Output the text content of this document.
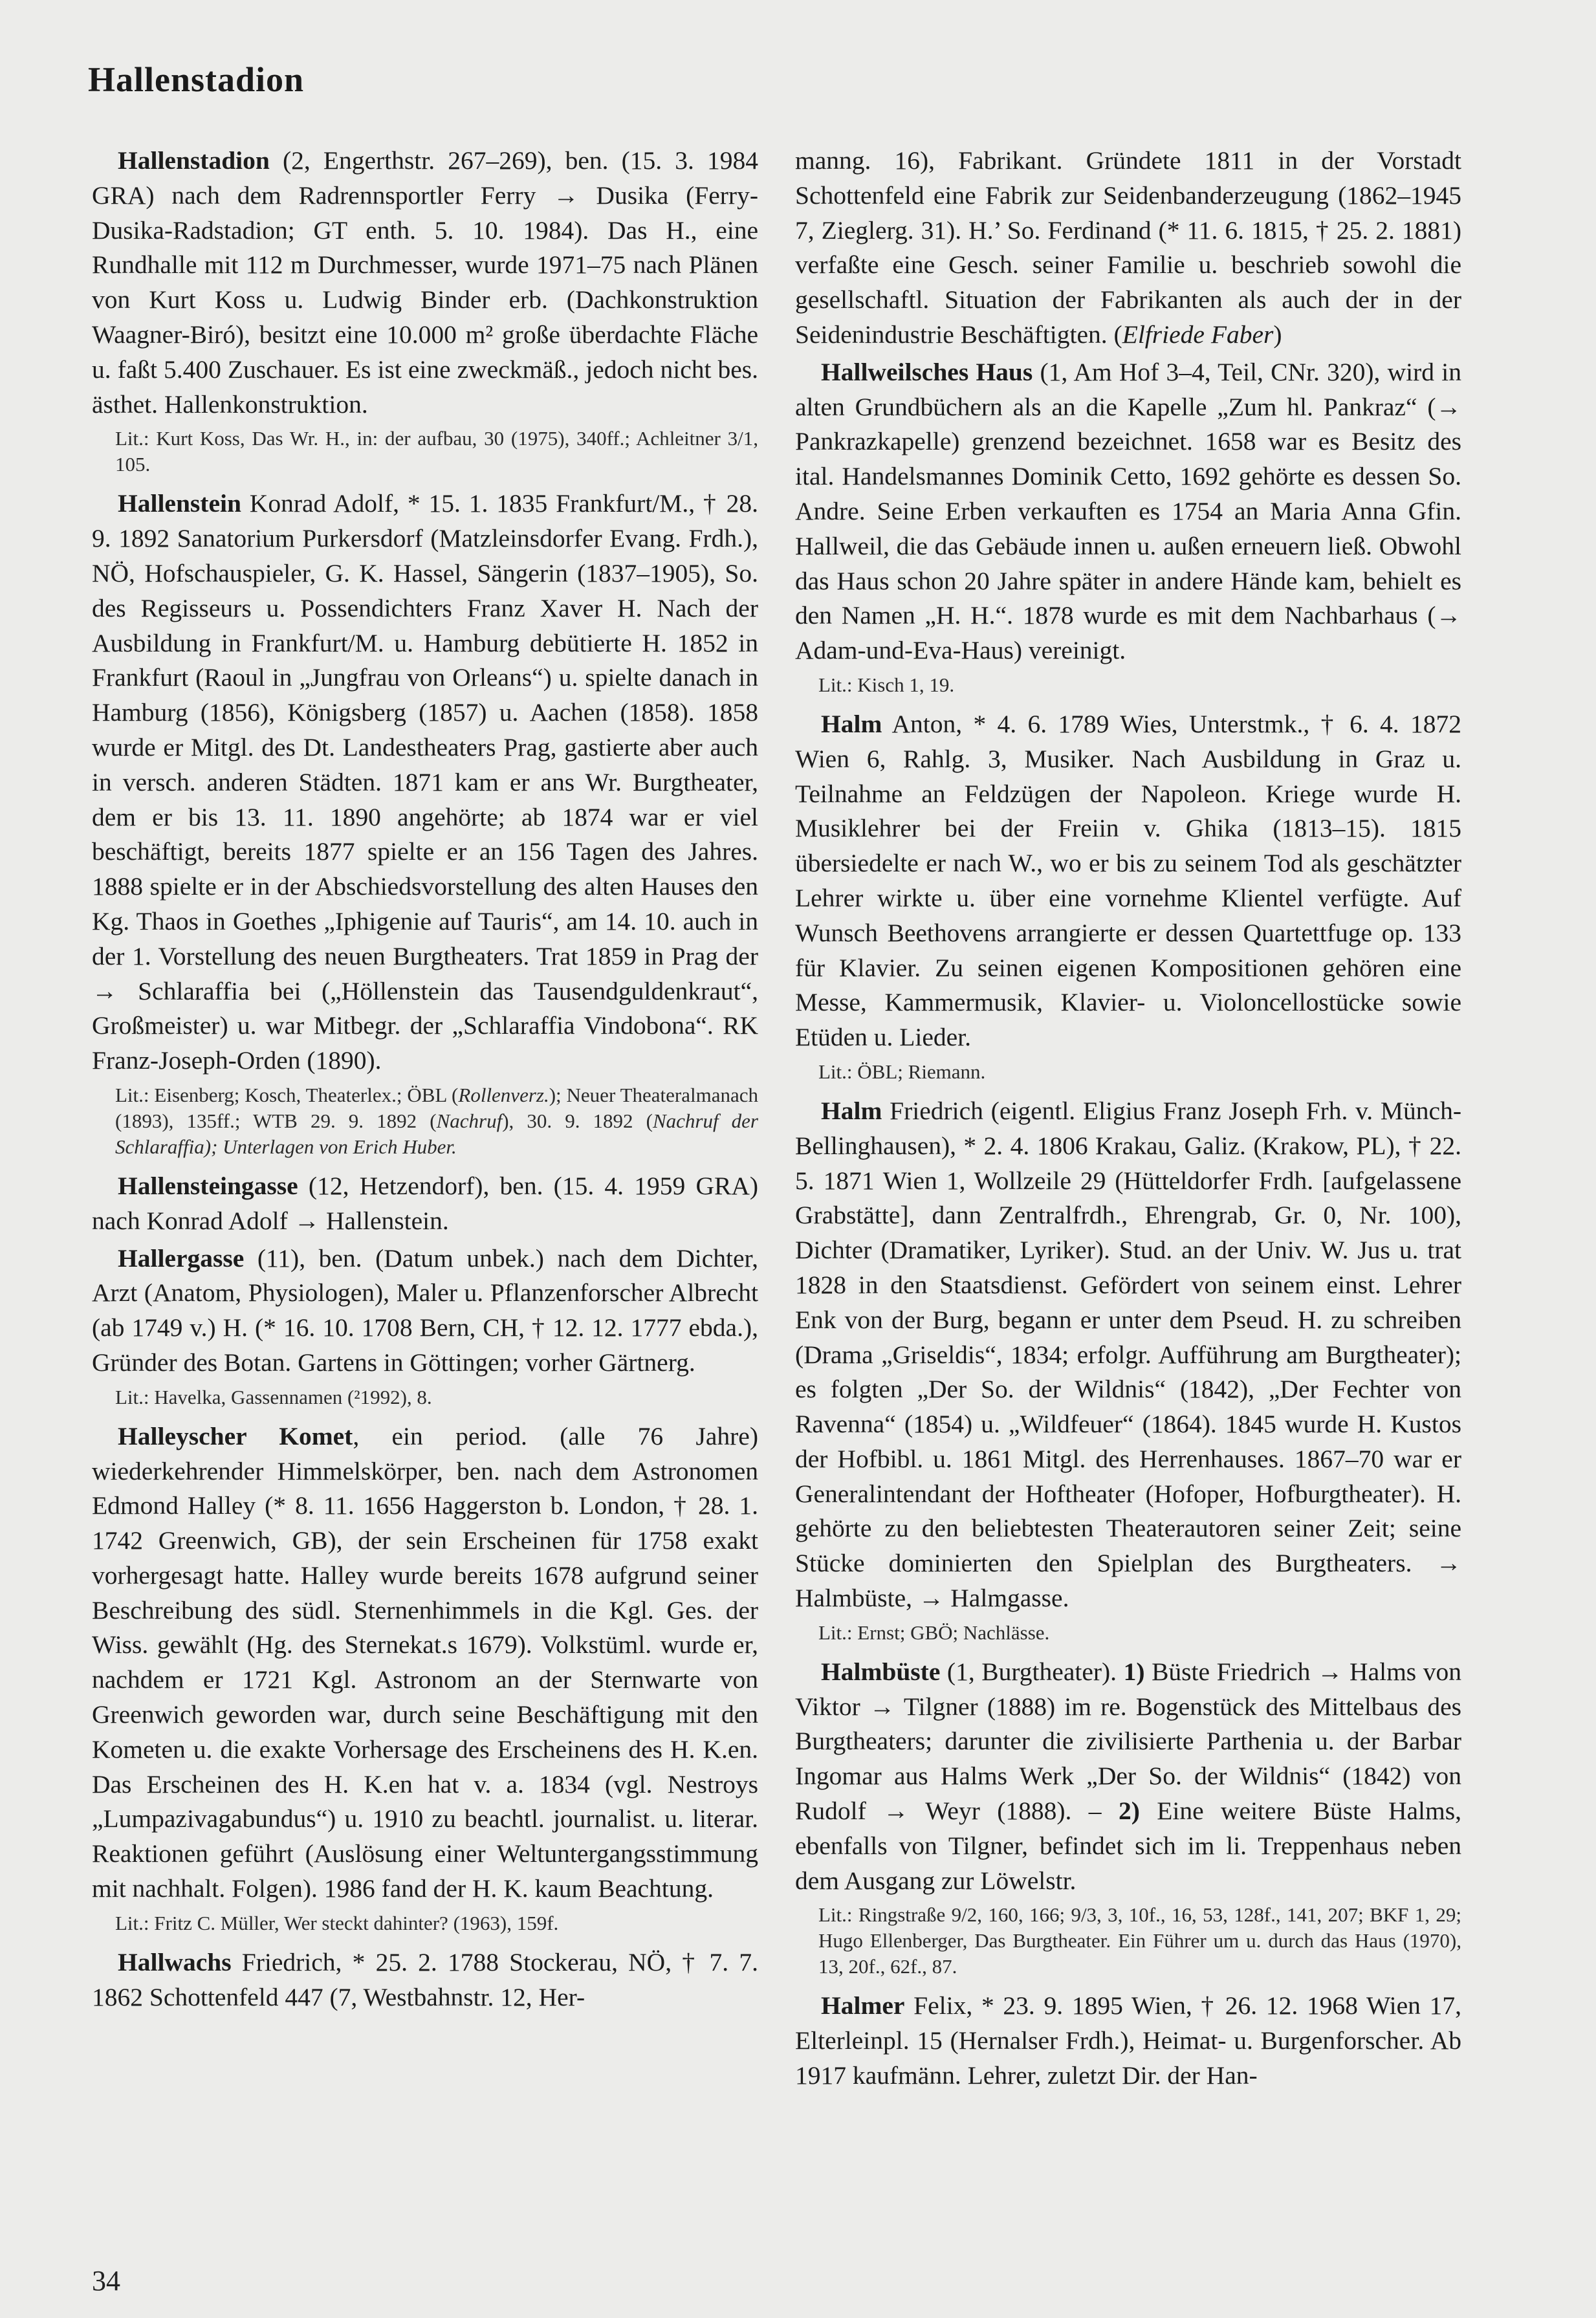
Hallenstadion

Hallenstadion (2, Engerthstr. 267–269), ben. (15. 3. 1984 GRA) nach dem Radrennsportler Ferry → Dusika (Ferry-Dusika-Radstadion; GT enth. 5. 10. 1984). Das H., eine Rundhalle mit 112 m Durchmesser, wurde 1971–75 nach Plänen von Kurt Koss u. Ludwig Binder erb. (Dachkonstruktion Waagner-Biró), besitzt eine 10.000 m² große überdachte Fläche u. faßt 5.400 Zuschauer. Es ist eine zweckmäß., jedoch nicht bes. ästhet. Hallenkonstruktion.

Lit.: Kurt Koss, Das Wr. H., in: der aufbau, 30 (1975), 340ff.; Achleitner 3/1, 105.

Hallenstein Konrad Adolf, * 15. 1. 1835 Frankfurt/M., † 28. 9. 1892 Sanatorium Purkersdorf (Matzleinsdorfer Evang. Frdh.), NÖ, Hofschauspieler, G. K. Hassel, Sängerin (1837–1905), So. des Regisseurs u. Possendichters Franz Xaver H. Nach der Ausbildung in Frankfurt/M. u. Hamburg debütierte H. 1852 in Frankfurt (Raoul in „Jungfrau von Orleans“) u. spielte danach in Hamburg (1856), Königsberg (1857) u. Aachen (1858). 1858 wurde er Mitgl. des Dt. Landestheaters Prag, gastierte aber auch in versch. anderen Städten. 1871 kam er ans Wr. Burgtheater, dem er bis 13. 11. 1890 angehörte; ab 1874 war er viel beschäftigt, bereits 1877 spielte er an 156 Tagen des Jahres. 1888 spielte er in der Abschiedsvorstellung des alten Hauses den Kg. Thaos in Goethes „Iphigenie auf Tauris“, am 14. 10. auch in der 1. Vorstellung des neuen Burgtheaters. Trat 1859 in Prag der → Schlaraffia bei („Höllenstein das Tausendguldenkraut“, Großmeister) u. war Mitbegr. der „Schlaraffia Vindobona“. RK Franz-Joseph-Orden (1890).

Lit.: Eisenberg; Kosch, Theaterlex.; ÖBL (Rollenverz.); Neuer Theateralmanach (1893), 135ff.; WTB 29. 9. 1892 (Nachruf), 30. 9. 1892 (Nachruf der Schlaraffia); Unterlagen von Erich Huber.

Hallensteingasse (12, Hetzendorf), ben. (15. 4. 1959 GRA) nach Konrad Adolf → Hallenstein.

Hallergasse (11), ben. (Datum unbek.) nach dem Dichter, Arzt (Anatom, Physiologen), Maler u. Pflanzenforscher Albrecht (ab 1749 v.) H. (* 16. 10. 1708 Bern, CH, † 12. 12. 1777 ebda.), Gründer des Botan. Gartens in Göttingen; vorher Gärtnerg.

Lit.: Havelka, Gassennamen (²1992), 8.

Halleyscher Komet, ein period. (alle 76 Jahre) wiederkehrender Himmelskörper, ben. nach dem Astronomen Edmond Halley (* 8. 11. 1656 Haggerston b. London, † 28. 1. 1742 Greenwich, GB), der sein Erscheinen für 1758 exakt vorhergesagt hatte. Halley wurde bereits 1678 aufgrund seiner Beschreibung des südl. Sternenhimmels in die Kgl. Ges. der Wiss. gewählt (Hg. des Sternekat.s 1679). Volkstüml. wurde er, nachdem er 1721 Kgl. Astronom an der Sternwarte von Greenwich geworden war, durch seine Beschäftigung mit den Kometen u. die exakte Vorhersage des Erscheinens des H. K.en. Das Erscheinen des H. K.en hat v. a. 1834 (vgl. Nestroys „Lumpazivagabundus“) u. 1910 zu beachtl. journalist. u. literar. Reaktionen geführt (Auslösung einer Weltuntergangsstimmung mit nachhalt. Folgen). 1986 fand der H. K. kaum Beachtung.

Lit.: Fritz C. Müller, Wer steckt dahinter? (1963), 159f.

Hallwachs Friedrich, * 25. 2. 1788 Stockerau, NÖ, † 7. 7. 1862 Schottenfeld 447 (7, Westbahnstr. 12, Her-

manng. 16), Fabrikant. Gründete 1811 in der Vorstadt Schottenfeld eine Fabrik zur Seidenbanderzeugung (1862–1945 7, Zieglerg. 31). H.’ So. Ferdinand (* 11. 6. 1815, † 25. 2. 1881) verfaßte eine Gesch. seiner Familie u. beschrieb sowohl die gesellschaftl. Situation der Fabrikanten als auch der in der Seidenindustrie Beschäftigten. (Elfriede Faber)

Hallweilsches Haus (1, Am Hof 3–4, Teil, CNr. 320), wird in alten Grundbüchern als an die Kapelle „Zum hl. Pankraz“ (→ Pankrazkapelle) grenzend bezeichnet. 1658 war es Besitz des ital. Handelsmannes Dominik Cetto, 1692 gehörte es dessen So. Andre. Seine Erben verkauften es 1754 an Maria Anna Gfin. Hallweil, die das Gebäude innen u. außen erneuern ließ. Obwohl das Haus schon 20 Jahre später in andere Hände kam, behielt es den Namen „H. H.“. 1878 wurde es mit dem Nachbarhaus (→ Adam-und-Eva-Haus) vereinigt.

Lit.: Kisch 1, 19.

Halm Anton, * 4. 6. 1789 Wies, Unterstmk., † 6. 4. 1872 Wien 6, Rahlg. 3, Musiker. Nach Ausbildung in Graz u. Teilnahme an Feldzügen der Napoleon. Kriege wurde H. Musiklehrer bei der Freiin v. Ghika (1813–15). 1815 übersiedelte er nach W., wo er bis zu seinem Tod als geschätzter Lehrer wirkte u. über eine vornehme Klientel verfügte. Auf Wunsch Beethovens arrangierte er dessen Quartettfuge op. 133 für Klavier. Zu seinen eigenen Kompositionen gehören eine Messe, Kammermusik, Klavier- u. Violoncellostücke sowie Etüden u. Lieder.

Lit.: ÖBL; Riemann.

Halm Friedrich (eigentl. Eligius Franz Joseph Frh. v. Münch-Bellinghausen), * 2. 4. 1806 Krakau, Galiz. (Krakow, PL), † 22. 5. 1871 Wien 1, Wollzeile 29 (Hütteldorfer Frdh. [aufgelassene Grabstätte], dann Zentralfrdh., Ehrengrab, Gr. 0, Nr. 100), Dichter (Dramatiker, Lyriker). Stud. an der Univ. W. Jus u. trat 1828 in den Staatsdienst. Gefördert von seinem einst. Lehrer Enk von der Burg, begann er unter dem Pseud. H. zu schreiben (Drama „Griseldis“, 1834; erfolgr. Aufführung am Burgtheater); es folgten „Der So. der Wildnis“ (1842), „Der Fechter von Ravenna“ (1854) u. „Wildfeuer“ (1864). 1845 wurde H. Kustos der Hofbibl. u. 1861 Mitgl. des Herrenhauses. 1867–70 war er Generalintendant der Hoftheater (Hofoper, Hofburgtheater). H. gehörte zu den beliebtesten Theaterautoren seiner Zeit; seine Stücke dominierten den Spielplan des Burgtheaters. → Halmbüste, → Halmgasse.

Lit.: Ernst; GBÖ; Nachlässe.

Halmbüste (1, Burgtheater). 1) Büste Friedrich → Halms von Viktor → Tilgner (1888) im re. Bogenstück des Mittelbaus des Burgtheaters; darunter die zivilisierte Parthenia u. der Barbar Ingomar aus Halms Werk „Der So. der Wildnis“ (1842) von Rudolf → Weyr (1888). – 2) Eine weitere Büste Halms, ebenfalls von Tilgner, befindet sich im li. Treppenhaus neben dem Ausgang zur Löwelstr.

Lit.: Ringstraße 9/2, 160, 166; 9/3, 3, 10f., 16, 53, 128f., 141, 207; BKF 1, 29; Hugo Ellenberger, Das Burgtheater. Ein Führer um u. durch das Haus (1970), 13, 20f., 62f., 87.

Halmer Felix, * 23. 9. 1895 Wien, † 26. 12. 1968 Wien 17, Elterleinpl. 15 (Hernalser Frdh.), Heimat- u. Burgenforscher. Ab 1917 kaufmänn. Lehrer, zuletzt Dir. der Han-

34
